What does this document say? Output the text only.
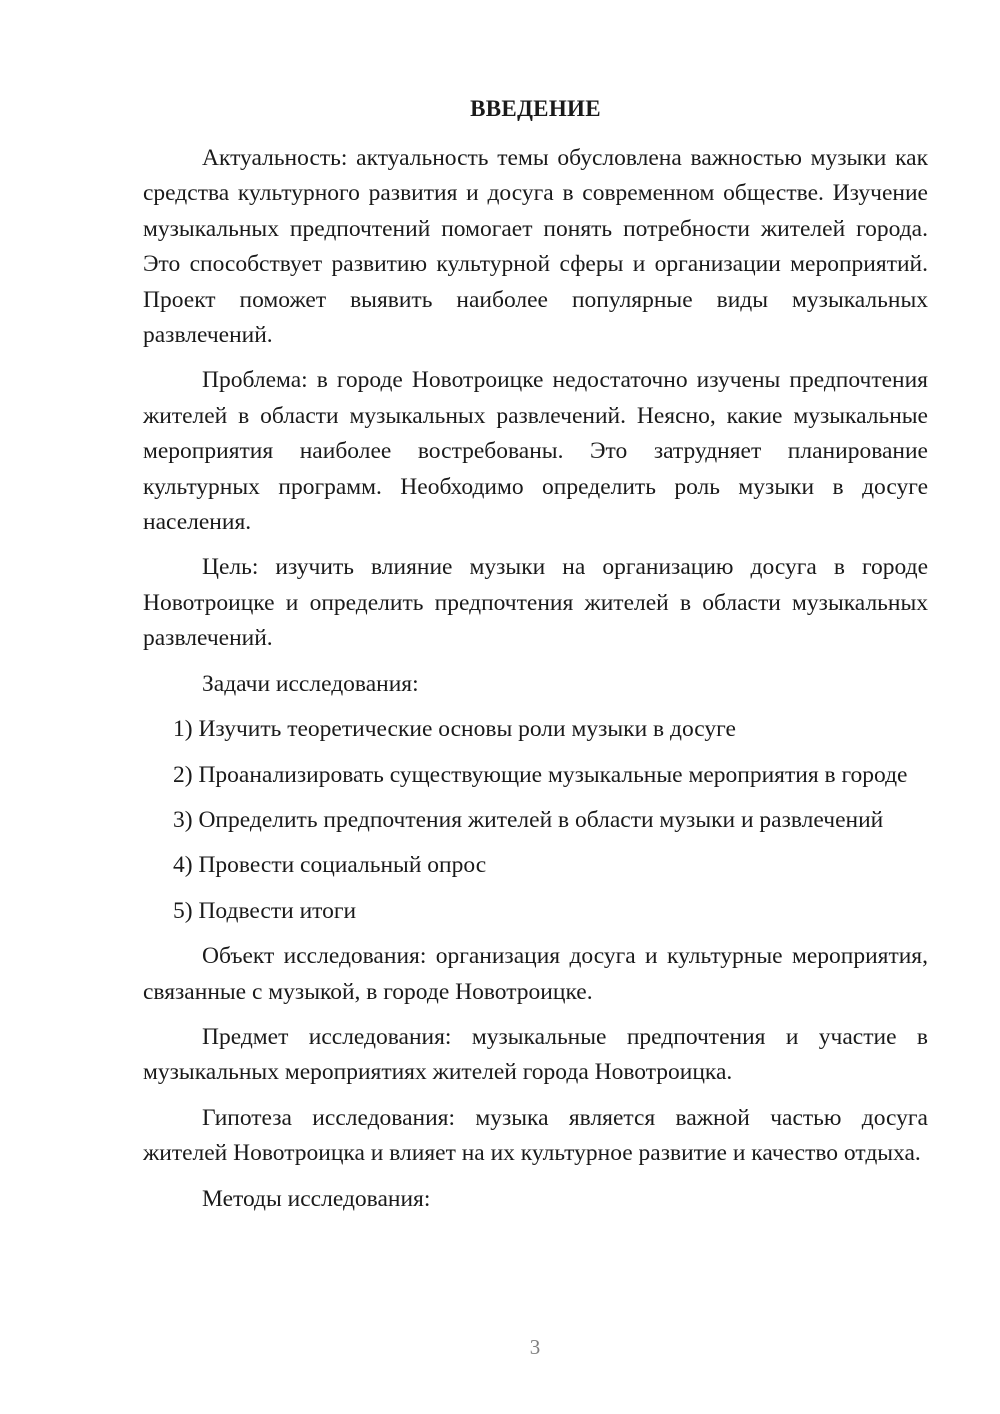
ВВЕДЕНИЕ

Актуальность: актуальность темы обусловлена важностью музыки как средства культурного развития и досуга в современном обществе. Изучение музыкальных предпочтений помогает понять потребности жителей города. Это способствует развитию культурной сферы и организации мероприятий. Проект поможет выявить наиболее популярные виды музыкальных развлечений.

Проблема: в городе Новотроицке недостаточно изучены предпочтения жителей в области музыкальных развлечений. Неясно, какие музыкальные мероприятия наиболее востребованы. Это затрудняет планирование культурных программ. Необходимо определить роль музыки в досуге населения.

Цель: изучить влияние музыки на организацию досуга в городе Новотроицке и определить предпочтения жителей в области музыкальных развлечений.

Задачи исследования:

1) Изучить теоретические основы роли музыки в досуге

2) Проанализировать существующие музыкальные мероприятия в городе

3) Определить предпочтения жителей в области музыки и развлечений

4) Провести социальный опрос

5) Подвести итоги

Объект исследования: организация досуга и культурные мероприятия, связанные с музыкой, в городе Новотроицке.

Предмет исследования: музыкальные предпочтения и участие в музыкальных мероприятиях жителей города Новотроицка.

Гипотеза исследования: музыка является важной частью досуга жителей Новотроицка и влияет на их культурное развитие и качество отдыха.

Методы исследования:

3
